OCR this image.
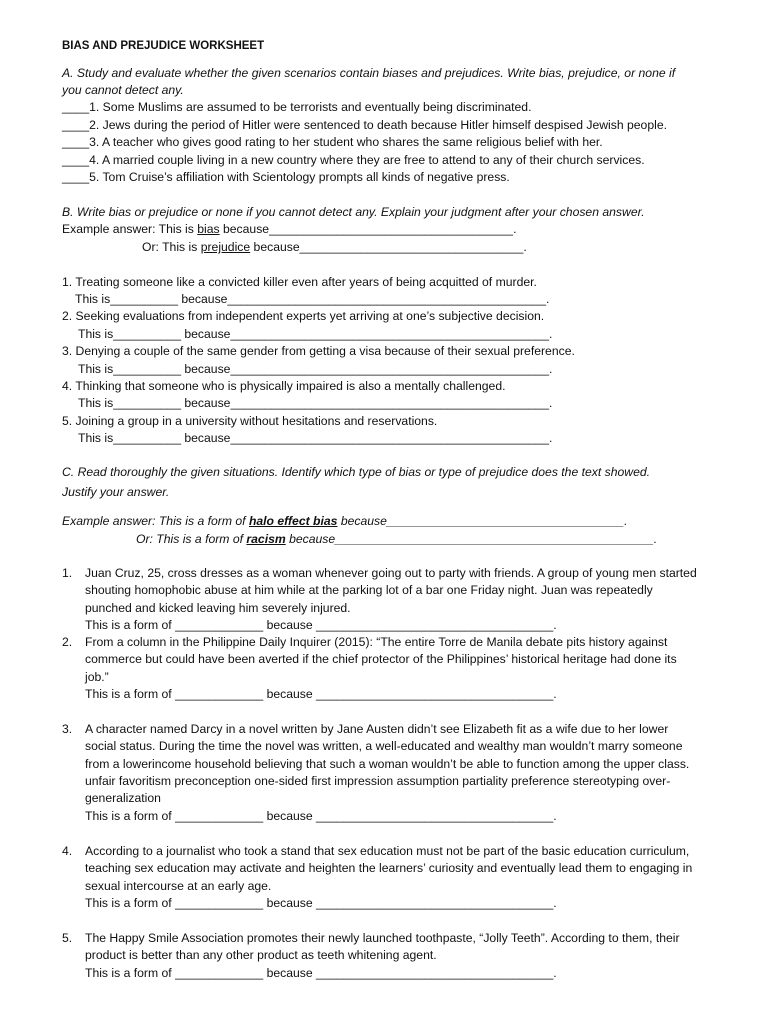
BIAS AND PREJUDICE WORKSHEET
A. Study and evaluate whether the given scenarios contain biases and prejudices. Write bias, prejudice, or none if
you cannot detect any.
____1. Some Muslims are assumed to be terrorists and eventually being discriminated.
____2. Jews during the period of Hitler were sentenced to death because Hitler himself despised Jewish people.
____3. A teacher who gives good rating to her student who shares the same religious belief with her.
____4. A married couple living in a new country where they are free to attend to any of their church services.
____5. Tom Cruise’s affiliation with Scientology prompts all kinds of negative press.
B. Write bias or prejudice or none if you cannot detect any. Explain your judgment after your chosen answer.
Example answer: This is bias because____________________________________.
Or: This is prejudice because_________________________________.
1. Treating someone like a convicted killer even after years of being acquitted of murder.
This is__________ because_______________________________________________.
2. Seeking evaluations from independent experts yet arriving at one’s subjective decision.
This is__________ because_______________________________________________.
3. Denying a couple of the same gender from getting a visa because of their sexual preference.
This is__________ because_______________________________________________.
4. Thinking that someone who is physically impaired is also a mentally challenged.
This is__________ because_______________________________________________.
5. Joining a group in a university without hesitations and reservations.
This is__________ because_______________________________________________.
C. Read thoroughly the given situations. Identify which type of bias or type of prejudice does the text showed.
Justify your answer.
Example answer: This is a form of halo effect bias because___________________________________.
Or: This is a form of racism because_______________________________________________.
1. Juan Cruz, 25, cross dresses as a woman whenever going out to party with friends. A group of young men started shouting homophobic abuse at him while at the parking lot of a bar one Friday night. Juan was repeatedly punched and kicked leaving him severely injured.
This is a form of _____________ because ___________________________________.
2. From a column in the Philippine Daily Inquirer (2015): “The entire Torre de Manila debate pits history against commerce but could have been averted if the chief protector of the Philippines’ historical heritage had done its job.”
This is a form of _____________ because ___________________________________.
3. A character named Darcy in a novel written by Jane Austen didn’t see Elizabeth fit as a wife due to her lower social status. During the time the novel was written, a well-educated and wealthy man wouldn’t marry someone from a lowerincome household believing that such a woman wouldn’t be able to function among the upper class. unfair favoritism preconception one-sided first impression assumption partiality preference stereotyping over-generalization
This is a form of _____________ because ___________________________________.
4. According to a journalist who took a stand that sex education must not be part of the basic education curriculum, teaching sex education may activate and heighten the learners’ curiosity and eventually lead them to engaging in sexual intercourse at an early age.
This is a form of _____________ because ___________________________________.
5. The Happy Smile Association promotes their newly launched toothpaste, “Jolly Teeth”. According to them, their product is better than any other product as teeth whitening agent.
This is a form of _____________ because ___________________________________.
